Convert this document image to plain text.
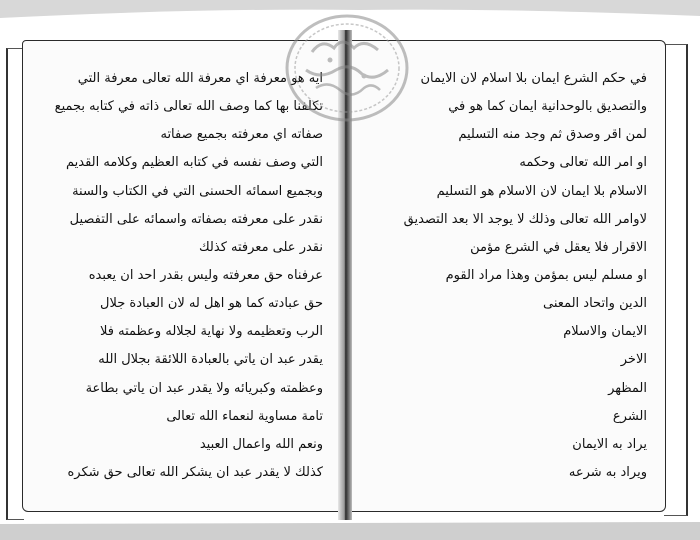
ايه هو معرفة اي معرفة الله تعالى معرفة التي
تكلفنا بها كما وصف الله تعالى ذاته في كتابه بجميع
صفاته اي معرفته بجميع صفاته
التي وصف نفسه في كتابه العظيم وكلامه القديم
وبجميع اسمائه الحسنى التي في الكتاب والسنة
نقدر على معرفته بصفاته واسمائه على التفصيل
نقدر على معرفته كذلك
عرفناه حق معرفته وليس بقدر احد ان يعبده
حق عبادته كما هو اهل له لان العبادة جلال
الرب وتعظيمه ولا نهاية لجلاله وعظمته فلا
يقدر عبد ان يأتي بالعبادة اللائقة بجلال الله
وعظمته وكبريائه ولا يقدر عبد ان يأتي بطاعة
تامة مساوية لنعماء الله تعالى
ونعم الله واعمال العبيد
كذلك لا يقدر عبد ان يشكر الله تعالى حق شكره
في حكم الشرع ايمان بلا اسلام لان الايمان
والتصديق بالوحدانية ايمان كما هو في
لمن اقر وصدق ثم وجد منه التسليم
او امر الله تعالى وحكمه
الاسلام بلا ايمان لان الاسلام هو التسليم
لاوامر الله تعالى وذلك لا يوجد الا بعد التصديق
الاقرار فلا يعقل في الشرع مؤمن
او مسلم ليس بمؤمن وهذا مراد القوم
الدين واتحاد المعنى
الايمان والاسلام
الاخر
المظهر
الشرع
يراد به الايمان
ويراد به شرعه
